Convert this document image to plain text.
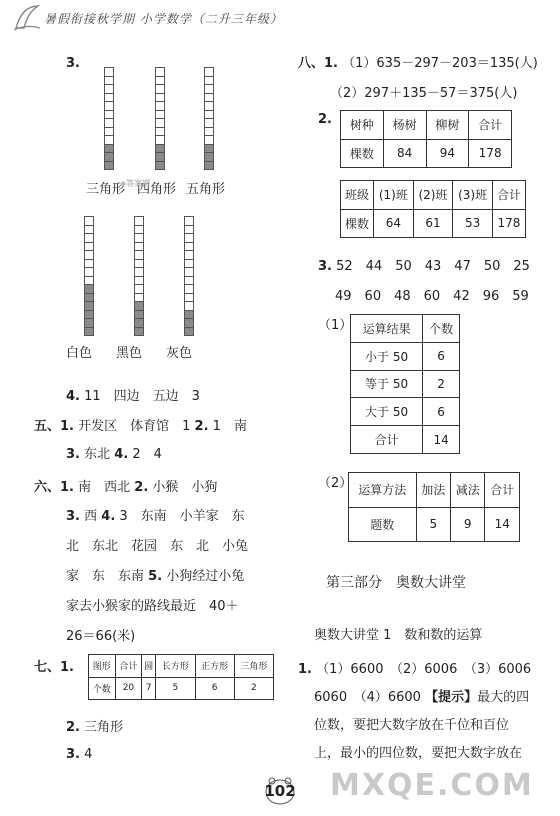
暑假衔接秋学期 小学数学（二升三年级）
3.
三角形 四角形 五角形
◆答案网
白色 黑色 灰色
4. 11　四边　五边　3
五、1. 开发区　体育馆　1 2. 1　南
3. 东北 4. 2　4
六、1. 南　西北 2. 小猴　小狗
3. 西 4. 3　东南　小羊家　东
北　东北　花园　东　北　小兔
家　东　东南 5. 小狗经过小兔
家去小猴家的路线最近　40＋
26＝66(米)
七、1. 图形	合计	圆	长方形	正方形	三角形
个数	20	7	5	6	2
2. 三角形
3. 4
八、1. （1）635－297－203＝135(人)
（2）297＋135－57＝375(人)
2. 树种	杨树	柳树	合计
棵数	84	94	178
班级	(1)班	(2)班	(3)班	合计
棵数	64	61	53	178
3. 52　44　50　43　47　50　25
49　60　48　60　42　96　59
（1） 运算结果	个数
小于 50	6
等于 50	2
大于 50	6
合计	14
（2） 运算方法	加法	减法	合计
题数	5	9	14
第三部分　奥数大讲堂
奥数大讲堂 1　数和数的运算
1. （1）6600　（2）6006　（3）6006
6060　（4）6600 【提示】最大的四
位数，要把大数字放在千位和百位
上，最小的四位数，要把大数字放在
MXQE.COM
102
